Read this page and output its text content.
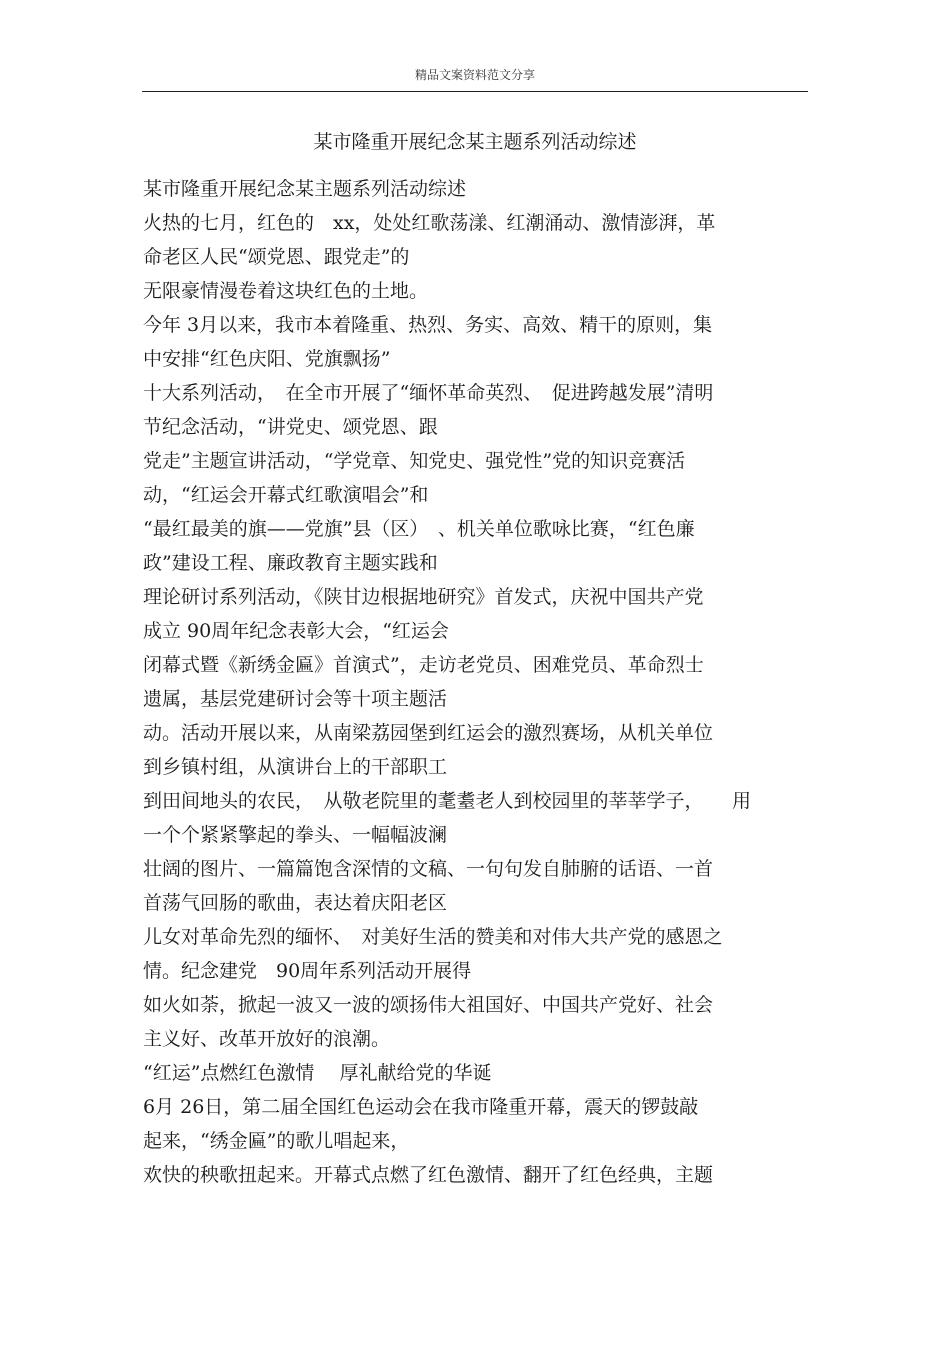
精品文案资料范文分享
某市隆重开展纪念某主题系列活动综述
某市隆重开展纪念某主题系列活动综述
火热的七月，红色的　xx，处处红歌荡漾、红潮涌动、激情澎湃，革
命老区人民“颂党恩、跟党走”的
无限豪情漫卷着这块红色的土地。
今年 3月以来，我市本着隆重、热烈、务实、高效、精干的原则，集
中安排“红色庆阳、党旗飘扬”
十大系列活动，　在全市开展了“缅怀革命英烈、　促进跨越发展”清明
节纪念活动，“讲党史、颂党恩、跟
党走”主题宣讲活动，“学党章、知党史、强党性”党的知识竞赛活
动，“红运会开幕式红歌演唱会”和
“最红最美的旗——党旗”县（区）　、机关单位歌咏比赛，“红色廉
政”建设工程、廉政教育主题实践和
理论研讨系列活动，《陕甘边根据地研究》首发式，庆祝中国共产党
成立 90周年纪念表彰大会，“红运会
闭幕式暨《新绣金匾》首演式”，走访老党员、困难党员、革命烈士
遗属，基层党建研讨会等十项主题活
动。活动开展以来，从南梁荔园堡到红运会的激烈赛场，从机关单位
到乡镇村组，从演讲台上的干部职工
到田间地头的农民，　从敬老院里的耄耋老人到校园里的莘莘学子，　　用
一个个紧紧擎起的拳头、一幅幅波澜
壮阔的图片、一篇篇饱含深情的文稿、一句句发自肺腑的话语、一首
首荡气回肠的歌曲，表达着庆阳老区
儿女对革命先烈的缅怀、　对美好生活的赞美和对伟大共产党的感恩之
情。纪念建党　90周年系列活动开展得
如火如荼，掀起一波又一波的颂扬伟大祖国好、中国共产党好、社会
主义好、改革开放好的浪潮。
“红运”点燃红色激情　 厚礼献给党的华诞
6月 26日，第二届全国红色运动会在我市隆重开幕，震天的锣鼓敲
起来，“绣金匾”的歌儿唱起来，
欢快的秧歌扭起来。开幕式点燃了红色激情、翻开了红色经典，主题
